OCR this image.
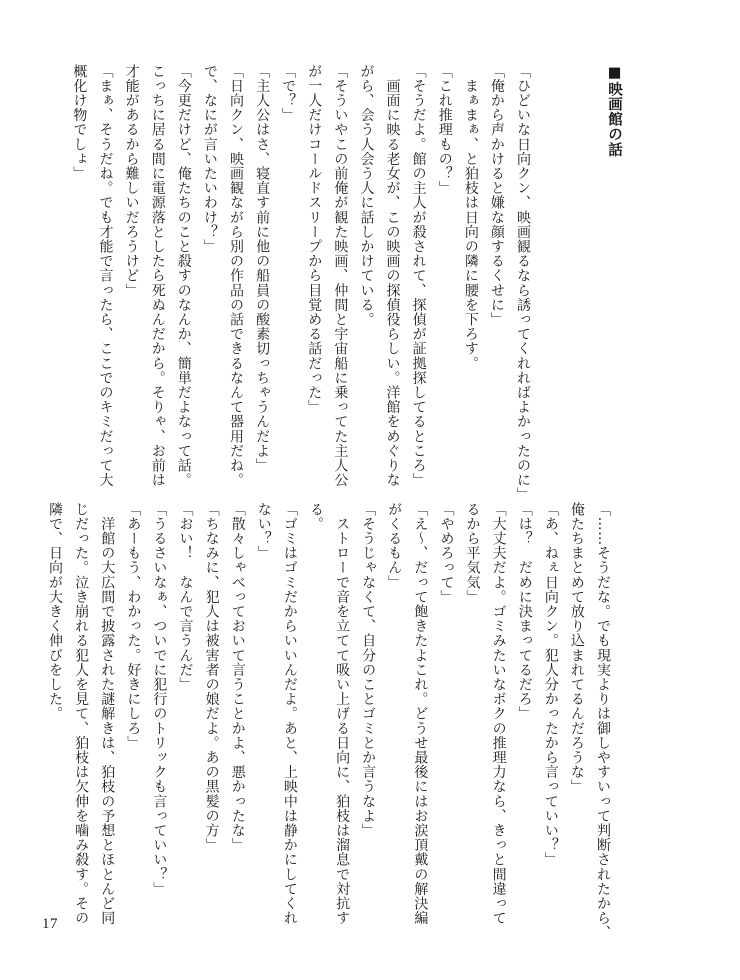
■映画館の話
「ひどいな日向クン、映画観るなら誘ってくれればよかったのに」
「俺から声かけると嫌な顔するくせに」
　まぁまぁ、と狛枝は日向の隣に腰を下ろす。
「これ推理もの？」
「そうだよ。館の主人が殺されて、探偵が証拠探してるところ」
　画面に映る老女が、この映画の探偵役らしい。洋館をめぐりな
がら、会う人会う人に話しかけている。
「そういやこの前俺が観た映画、仲間と宇宙船に乗ってた主人公
が一人だけコールドスリープから目覚める話だった」
「で？」
「主人公はさ、寝直す前に他の船員の酸素切っちゃうんだよ」
「日向クン、映画観ながら別の作品の話できるなんて器用だね。
で、なにが言いたいわけ？」
「今更だけど、俺たちのこと殺すのなんか、簡単だよなって話。
こっちに居る間に電源落としたら死ぬんだから。そりゃ、お前は
才能があるから難しいだろうけど」
「まぁ、そうだね。でも才能で言ったら、ここでのキミだって大
概化け物でしょ」
「……そうだな。でも現実よりは御しやすいって判断されたから、
俺たちまとめて放り込まれてるんだろうな」
「あ、ねぇ日向クン。犯人分かったから言っていい？」
「は？　だめに決まってるだろ」
「大丈夫だよ。ゴミみたいなボクの推理力なら、きっと間違って
るから平気気」
「やめろって」
「え～、だって飽きたよこれ。どうせ最後にはお涙頂戴の解決編
がくるもん」
「そうじゃなくて、自分のことゴミとか言うなよ」
　ストローで音を立てて吸い上げる日向に、狛枝は溜息で対抗す
る。
「ゴミはゴミだからいいんだよ。あと、上映中は静かにしてくれ
ない？」
「散々しゃべっておいて言うことかよ、悪かったな」
「ちなみに、犯人は被害者の娘だよ。あの黒髪の方」
「おい！　なんで言うんだ」
「うるさいなぁ、ついでに犯行のトリックも言っていい？」
「あーもう、わかった。好きにしろ」
　洋館の大広間で披露された謎解きは、狛枝の予想とほとんど同
じだった。泣き崩れる犯人を見て、狛枝は欠伸を噛み殺す。その
隣で、日向が大きく伸びをした。
17
